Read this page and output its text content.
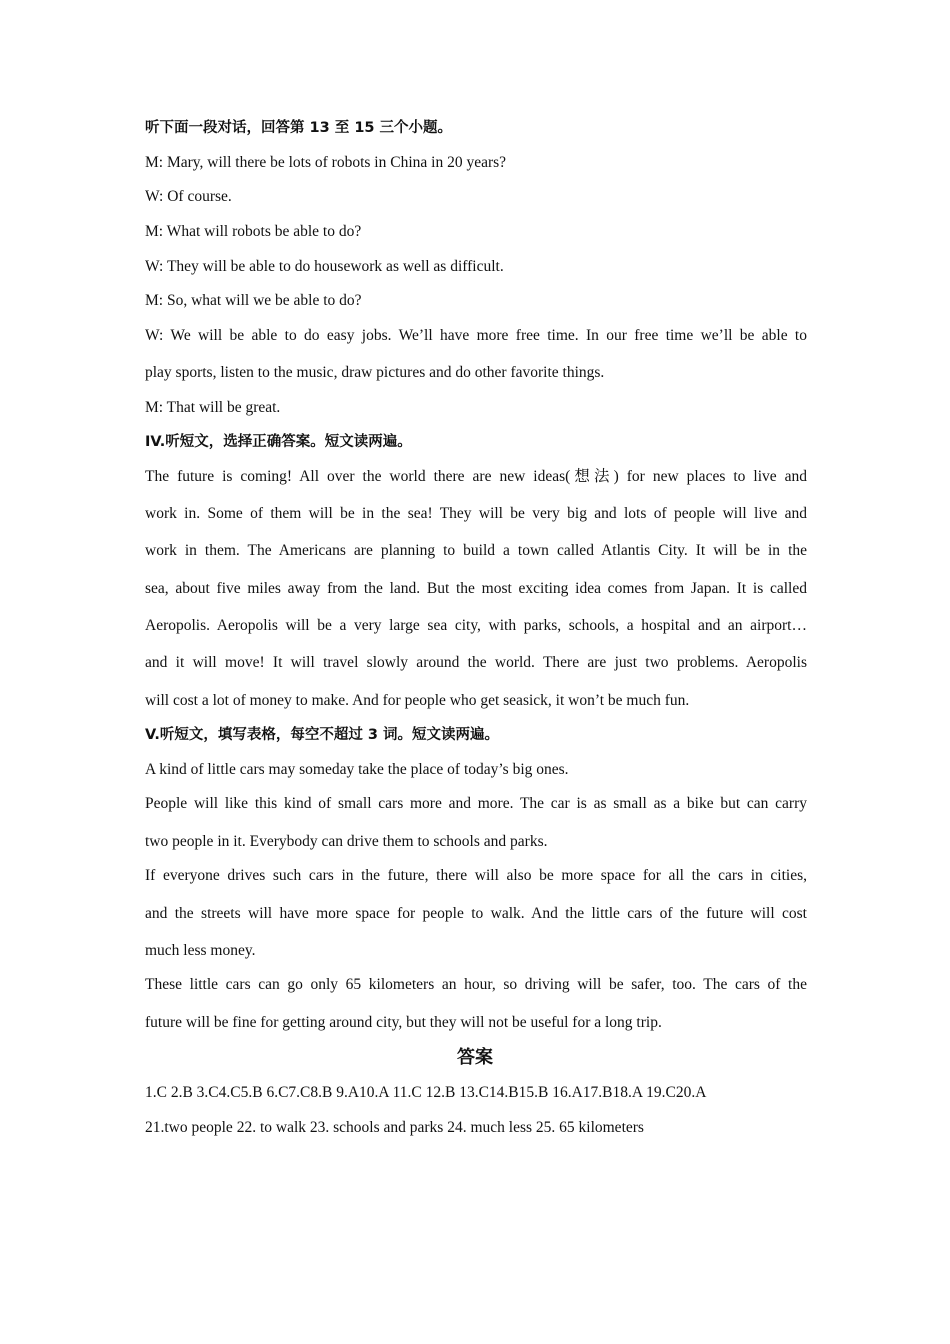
听下面一段对话，回答第 13 至 15 三个小题。
M: Mary, will there be lots of robots in China in 20 years?
W: Of course.
M: What will robots be able to do?
W: They will be able to do housework as well as difficult.
M: So, what will we be able to do?
W: We will be able to do easy jobs. We’ll have more free time. In our free time we’ll be able to
play sports, listen to the music, draw pictures and do other favorite things.
M: That will be great.
IV.听短文，选择正确答案。短文读两遍。
The future is coming! All over the world there are new ideas(想法) for new places to live and
work in. Some of them will be in the sea! They will be very big and lots of people will live and
work in them. The Americans are planning to build a town called Atlantis City. It will be in the
sea, about five miles away from the land. But the most exciting idea comes from Japan. It is called
Aeropolis. Aeropolis will be a very large sea city, with parks, schools, a hospital and an airport…
and it will move! It will travel slowly around the world. There are just two problems. Aeropolis
will cost a lot of money to make. And for people who get seasick, it won’t be much fun.
V.听短文，填写表格，每空不超过 3 词。短文读两遍。
A kind of little cars may someday take the place of today’s big ones.
People will like this kind of small cars more and more. The car is as small as a bike but can carry
two people in it. Everybody can drive them to schools and parks.
If everyone drives such cars in the future, there will also be more space for all the cars in cities,
and the streets will have more space for people to walk. And the little cars of the future will cost
much less money.
These little cars can go only 65 kilometers an hour, so driving will be safer, too. The cars of the
future will be fine for getting around city, but they will not be useful for a long trip.
答案
1.C 2.B 3.C4.C5.B 6.C7.C8.B 9.A10.A 11.C 12.B 13.C14.B15.B 16.A17.B18.A 19.C20.A
21.two people 22. to walk 23. schools and parks 24. much less 25. 65 kilometers
